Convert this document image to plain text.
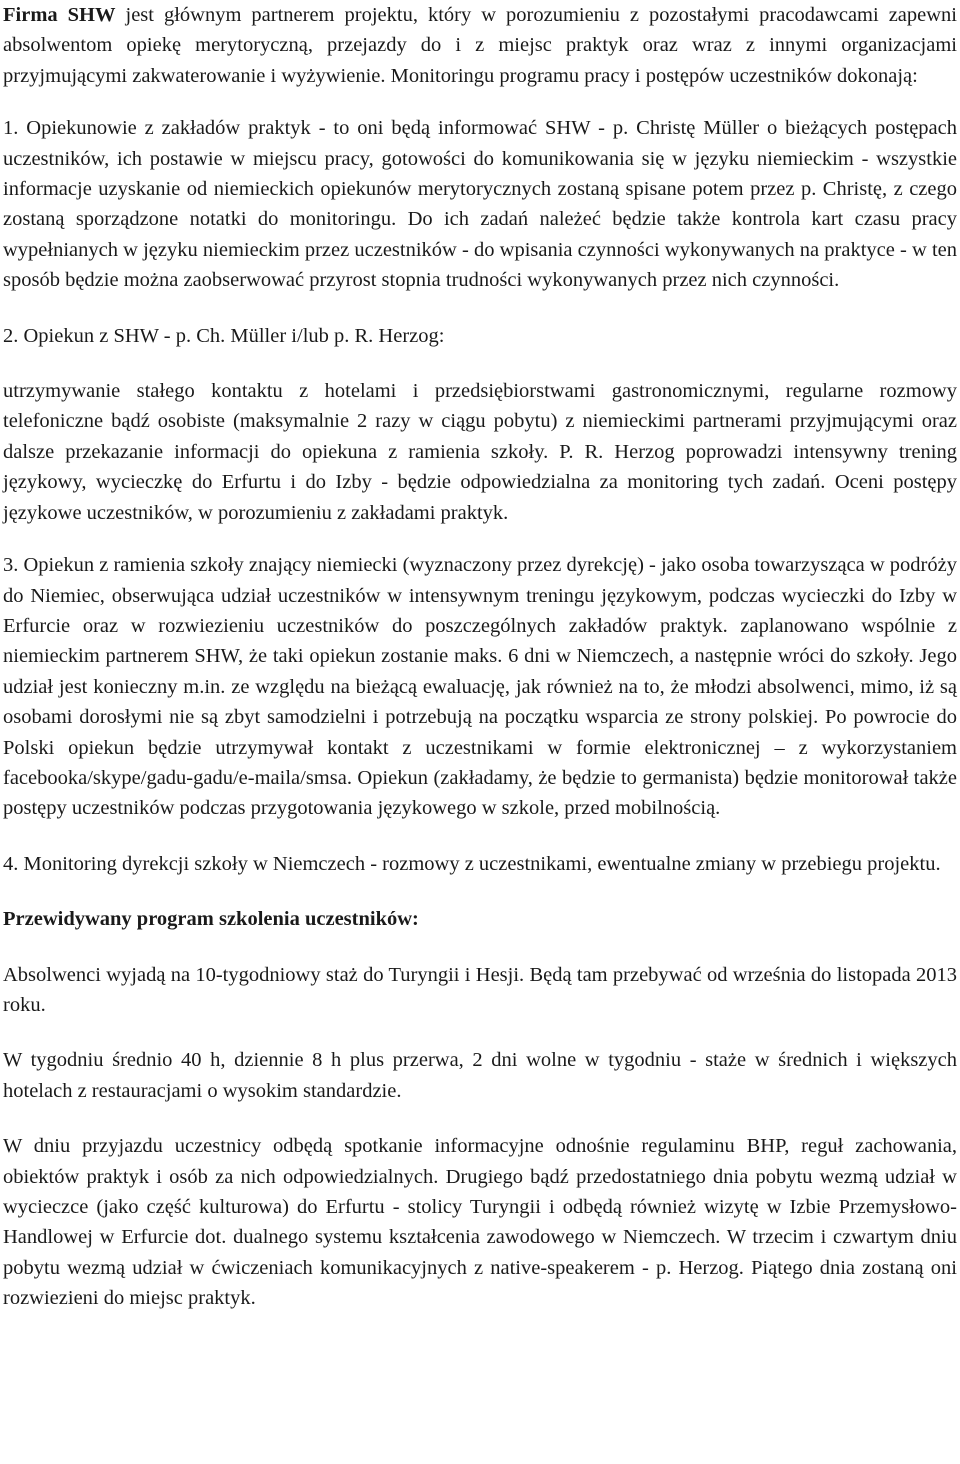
Firma SHW jest głównym partnerem projektu, który w porozumieniu z pozostałymi pracodawcami zapewni absolwentom opiekę merytoryczną, przejazdy do i z miejsc praktyk oraz wraz z innymi organizacjami przyjmującymi zakwaterowanie i wyżywienie. Monitoringu programu pracy i postępów uczestników dokonają:

1. Opiekunowie z zakładów praktyk - to oni będą informować SHW - p. Christę Müller o bieżących postępach uczestników, ich postawie w miejscu pracy, gotowości do komunikowania się w języku niemieckim - wszystkie informacje uzyskanie od niemieckich opiekunów merytorycznych zostaną spisane potem przez p. Christę, z czego zostaną sporządzone notatki do monitoringu. Do ich zadań należeć będzie także kontrola kart czasu pracy wypełnianych w języku niemieckim przez uczestników - do wpisania czynności wykonywanych na praktyce - w ten sposób będzie można zaobserwować przyrost stopnia trudności wykonywanych przez nich czynności.

2. Opiekun z SHW - p. Ch. Müller i/lub p. R. Herzog:

utrzymywanie stałego kontaktu z hotelami i przedsiębiorstwami gastronomicznymi, regularne rozmowy telefoniczne bądź osobiste (maksymalnie 2 razy w ciągu pobytu) z niemieckimi partnerami przyjmującymi oraz dalsze przekazanie informacji do opiekuna z ramienia szkoły. P. R. Herzog poprowadzi intensywny trening językowy, wycieczkę do Erfurtu i do Izby - będzie odpowiedzialna za monitoring tych zadań. Oceni postępy językowe uczestników, w porozumieniu z zakładami praktyk.

3. Opiekun z ramienia szkoły znający niemiecki (wyznaczony przez dyrekcję) - jako osoba towarzysząca w podróży do Niemiec, obserwująca udział uczestników w intensywnym treningu językowym, podczas wycieczki do Izby w Erfurcie oraz w rozwiezieniu uczestników do poszczególnych zakładów praktyk. zaplanowano wspólnie z niemieckim partnerem SHW, że taki opiekun zostanie maks. 6 dni w Niemczech, a następnie wróci do szkoły. Jego udział jest konieczny m.in. ze względu na bieżącą ewaluację, jak również na to, że młodzi absolwenci, mimo, iż są osobami dorosłymi nie są zbyt samodzielni i potrzebują na początku wsparcia ze strony polskiej. Po powrocie do Polski opiekun będzie utrzymywał kontakt z uczestnikami w formie elektronicznej – z wykorzystaniem facebooka/skype/gadu-gadu/e-maila/smsa. Opiekun (zakładamy, że będzie to germanista) będzie monitorował także postępy uczestników podczas przygotowania językowego w szkole, przed mobilnością.

4. Monitoring dyrekcji szkoły w Niemczech - rozmowy z uczestnikami, ewentualne zmiany w przebiegu projektu.

Przewidywany program szkolenia uczestników:

Absolwenci wyjadą na 10-tygodniowy staż do Turyngii i Hesji. Będą tam przebywać od września do listopada 2013 roku.

W tygodniu średnio 40 h, dziennie 8 h plus przerwa, 2 dni wolne w tygodniu - staże w średnich i większych hotelach z restauracjami o wysokim standardzie.

W dniu przyjazdu uczestnicy odbędą spotkanie informacyjne odnośnie regulaminu BHP, reguł zachowania, obiektów praktyk i osób za nich odpowiedzialnych. Drugiego bądź przedostatniego dnia pobytu wezmą udział w wycieczce (jako część kulturowa) do Erfurtu - stolicy Turyngii i odbędą również wizytę w Izbie Przemysłowo-Handlowej w Erfurcie dot. dualnego systemu kształcenia zawodowego w Niemczech. W trzecim i czwartym dniu pobytu wezmą udział w ćwiczeniach komunikacyjnych z native-speakerem - p. Herzog. Piątego dnia zostaną oni rozwiezieni do miejsc praktyk.
